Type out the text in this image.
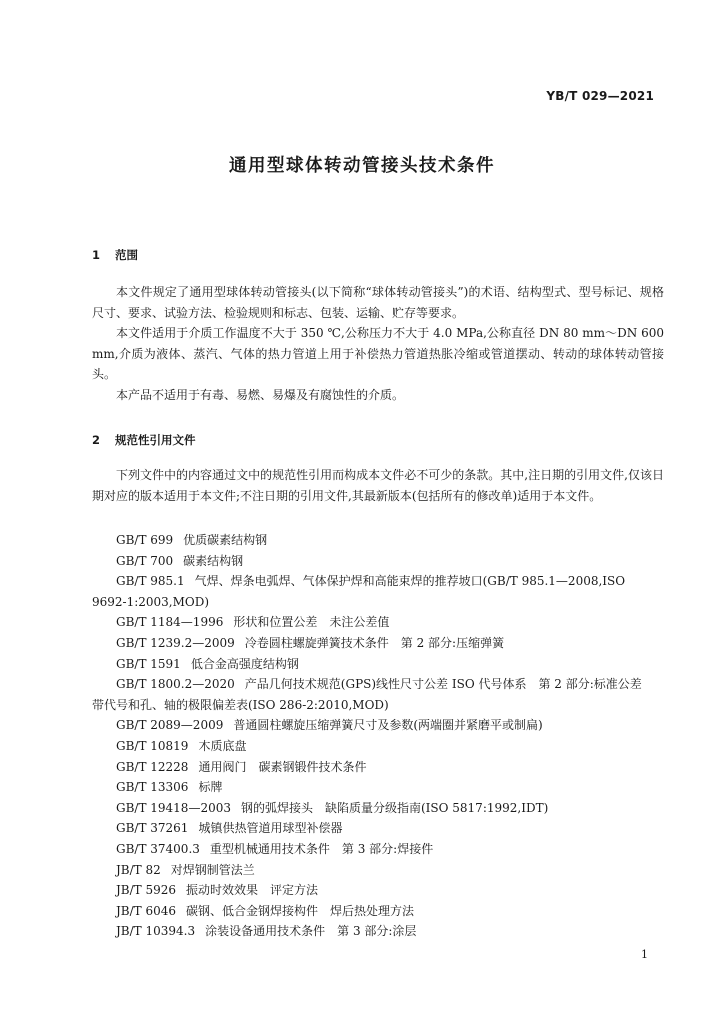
YB/T 029—2021
通用型球体转动管接头技术条件
1 范围

本文件规定了通用型球体转动管接头(以下简称“球体转动管接头”)的术语、结构型式、型号标记、规格尺寸、要求、试验方法、检验规则和标志、包装、运输、贮存等要求。

本文件适用于介质工作温度不大于 350 ℃,公称压力不大于 4.0 MPa,公称直径 DN 80 mm～DN 600 mm,介质为液体、蒸汽、气体的热力管道上用于补偿热力管道热胀冷缩或管道摆动、转动的球体转动管接头。

本产品不适用于有毒、易燃、易爆及有腐蚀性的介质。

2 规范性引用文件

下列文件中的内容通过文中的规范性引用而构成本文件必不可少的条款。其中,注日期的引用文件,仅该日期对应的版本适用于本文件;不注日期的引用文件,其最新版本(包括所有的修改单)适用于本文件。

GB/T 699 优质碳素结构钢
GB/T 700 碳素结构钢
GB/T 985.1 气焊、焊条电弧焊、气体保护焊和高能束焊的推荐坡口(GB/T 985.1—2008,ISO
9692-1:2003,MOD)
GB/T 1184—1996 形状和位置公差　未注公差值
GB/T 1239.2—2009 冷卷圆柱螺旋弹簧技术条件　第 2 部分:压缩弹簧
GB/T 1591 低合金高强度结构钢
GB/T 1800.2—2020 产品几何技术规范(GPS)线性尺寸公差 ISO 代号体系　第 2 部分:标准公差
带代号和孔、轴的极限偏差表(ISO 286-2:2010,MOD)
GB/T 2089—2009 普通圆柱螺旋压缩弹簧尺寸及参数(两端圈并紧磨平或制扁)
GB/T 10819 木质底盘
GB/T 12228 通用阀门　碳素钢锻件技术条件
GB/T 13306 标牌
GB/T 19418—2003 钢的弧焊接头　缺陷质量分级指南(ISO 5817:1992,IDT)
GB/T 37261 城镇供热管道用球型补偿器
GB/T 37400.3 重型机械通用技术条件　第 3 部分:焊接件
JB/T 82 对焊钢制管法兰
JB/T 5926 振动时效效果　评定方法
JB/T 6046 碳钢、低合金钢焊接构件　焊后热处理方法
JB/T 10394.3 涂装设备通用技术条件　第 3 部分:涂层
1
